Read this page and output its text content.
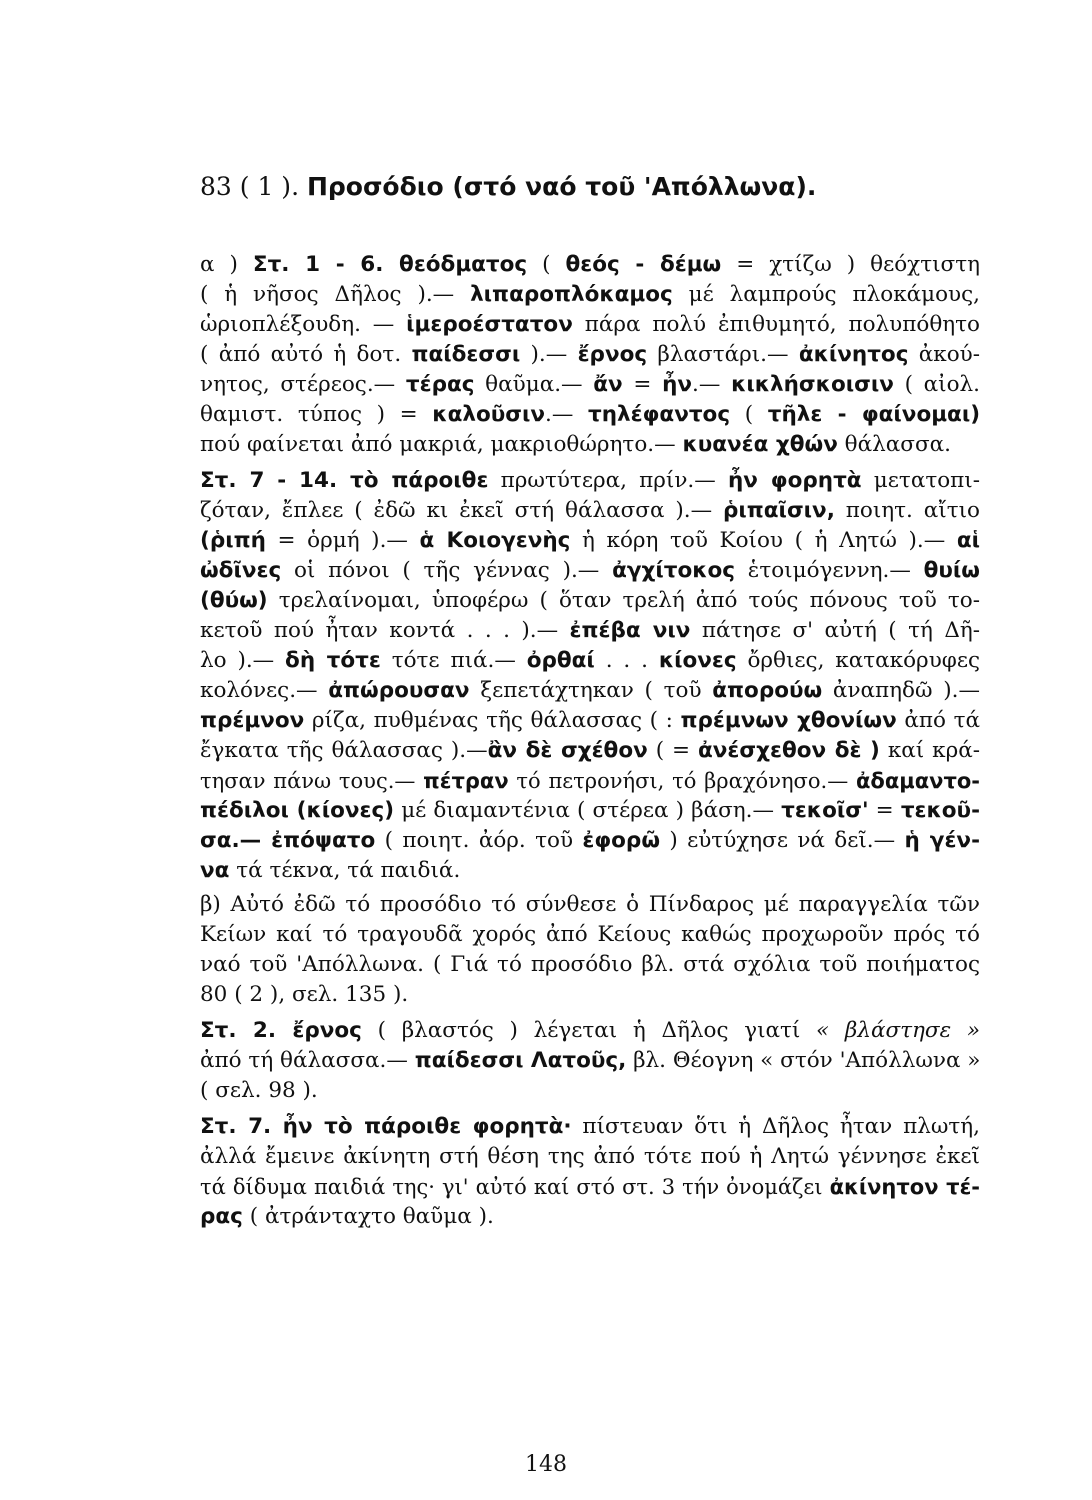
83 ( 1 ). Προσόδιο (στό ναό τοῦ 'Απόλλωνα).
α ) Στ. 1 - 6. θεόδματος ( θεός - δέμω = χτίζω ) θεόχτιστη
( ἡ νῆσος Δῆλος ).— λιπαροπλόκαμος μέ λαμπρούς πλοκάμους,
ὡριοπλέξουδη. — ἱμεροέστατον πάρα πολύ ἐπιθυμητό, πολυπόθητο
( ἀπό αὐτό ἡ δοτ. παίδεσσι ).— ἔρνος βλαστάρι.— ἀκίνητος ἀκού-
νητος, στέρεος.— τέρας θαῦμα.— ἄν = ἦν.— κικλήσκοισιν ( αἰολ.
θαμιστ. τύπος ) = καλοῦσιν.— τηλέφαντος ( τῆλε - φαίνομαι)
πού φαίνεται ἀπό μακριά, μακριοθώρητο.— κυανέα χθών θάλασσα.
Στ. 7 - 14. τὸ πάροιθε πρωτύτερα, πρίν.— ἦν φορητὰ μετατοπι-
ζόταν, ἔπλεε ( ἐδῶ κι ἐκεῖ στή θάλασσα ).— ῥιπαῖσιν, ποιητ. αἴτιο
(ῥιπή = ὁρμή ).— ἁ Κοιογενὴς ἡ κόρη τοῦ Κοίου ( ἡ Λητώ ).— αἱ
ὠδῖνες οἱ πόνοι ( τῆς γέννας ).— ἀγχίτοκος ἑτοιμόγεννη.— θυίω
(θύω) τρελαίνομαι, ὑποφέρω ( ὅταν τρελή ἀπό τούς πόνους τοῦ το-
κετοῦ πού ἦταν κοντά . . . ).— ἐπέβα νιν πάτησε σ' αὐτή ( τή Δῆ-
λο ).— δὴ τότε τότε πιά.— ὀρθαί . . . κίονες ὄρθιες, κατακόρυφες
κολόνες.— ἀπώρουσαν ξεπετάχτηκαν ( τοῦ ἀπορούω ἀναπηδῶ ).—
πρέμνον ρίζα, πυθμένας τῆς θάλασσας ( : πρέμνων χθονίων ἀπό τά
ἔγκατα τῆς θάλασσας ).—ἂν δὲ σχέθον ( = ἀνέσχεθον δὲ ) καί κρά-
τησαν πάνω τους.— πέτραν τό πετρονήσι, τό βραχόνησο.— ἀδαμαντο-
πέδιλοι (κίονες) μέ διαμαντένια ( στέρεα ) βάση.— τεκοῖσ' = τεκοῦ-
σα.— ἐπόψατο ( ποιητ. ἀόρ. τοῦ ἐφορῶ ) εὐτύχησε νά δεῖ.— ἡ γέν-
να τά τέκνα, τά παιδιά.
β) Αὐτό ἐδῶ τό προσόδιο τό σύνθεσε ὁ Πίνδαρος μέ παραγγελία τῶν
Κείων καί τό τραγουδᾶ χορός ἀπό Κείους καθώς προχωροῦν πρός τό
ναό τοῦ 'Απόλλωνα. ( Γιά τό προσόδιο βλ. στά σχόλια τοῦ ποιήματος
80 ( 2 ), σελ. 135 ).
Στ. 2. ἔρνος ( βλαστός ) λέγεται ἡ Δῆλος γιατί « βλάστησε »
ἀπό τή θάλασσα.— παίδεσσι Λατοῦς, βλ. Θέογνη « στόν 'Απόλλωνα »
( σελ. 98 ).
Στ. 7. ἦν τὸ πάροιθε φορητὰ· πίστευαν ὅτι ἡ Δῆλος ἦταν πλωτή,
ἀλλά ἔμεινε ἀκίνητη στή θέση της ἀπό τότε πού ἡ Λητώ γέννησε ἐκεῖ
τά δίδυμα παιδιά της· γι' αὐτό καί στό στ. 3 τήν ὀνομάζει ἀκίνητον τέ-
ρας ( ἀτράνταχτο θαῦμα ).
148
